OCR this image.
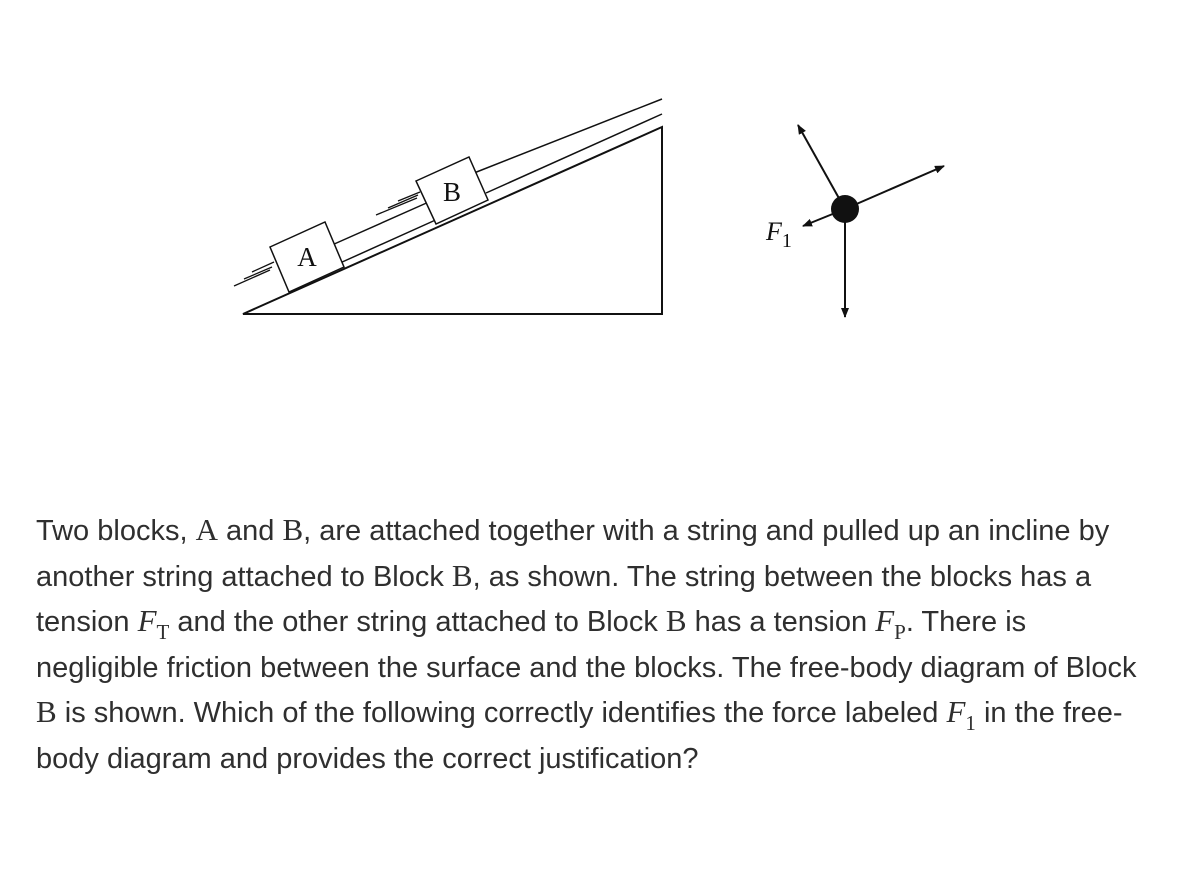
A
B
$F_1$

Two blocks, A and B, are attached together with a string and pulled up an incline by another string attached to Block B, as shown. The string between the blocks has a tension $F_T$ and the other string attached to Block B has a tension $F_P$. There is negligible friction between the surface and the blocks. The free-body diagram of Block B is shown. Which of the following correctly identifies the force labeled $F_1$ in the free-body diagram and provides the correct justification?
